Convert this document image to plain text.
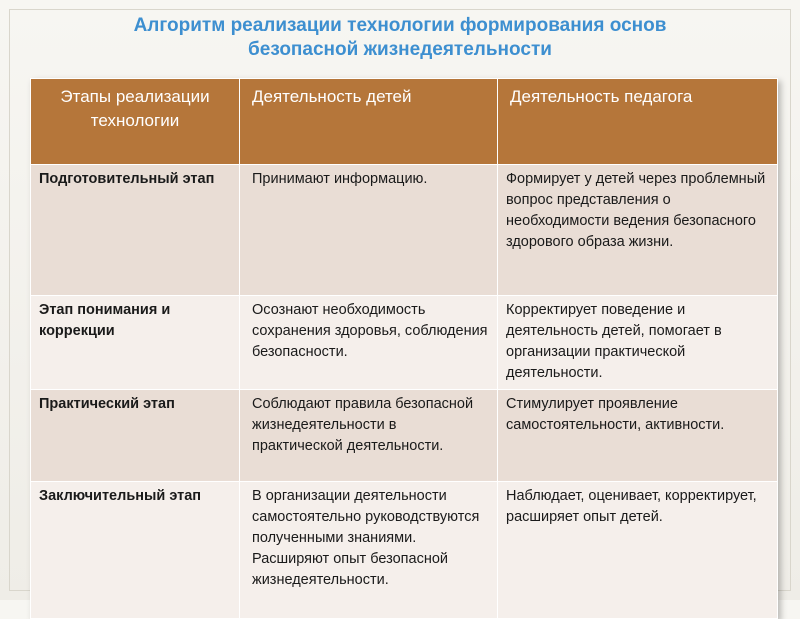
Алгоритм реализации технологии формирования основ
безопасной жизнедеятельности
Этапы реализации технологии	Деятельность детей	Деятельность педагога
Подготовительный этап	Принимают информацию.	Формирует у детей через проблемный вопрос представления о необходимости ведения безопасного здорового образа жизни.
Этап понимания и коррекции	Осознают необходимость сохранения здоровья, соблюдения безопасности.	Корректирует поведение и деятельность детей, помогает в организации практической деятельности.
Практический этап	Соблюдают правила безопасной жизнедеятельности в практической деятельности.	Стимулирует проявление самостоятельности, активности.
Заключительный этап	В организации деятельности самостоятельно руководствуются полученными знаниями. Расширяют опыт безопасной жизнедеятельности.	Наблюдает, оценивает, корректирует, расширяет опыт детей.
